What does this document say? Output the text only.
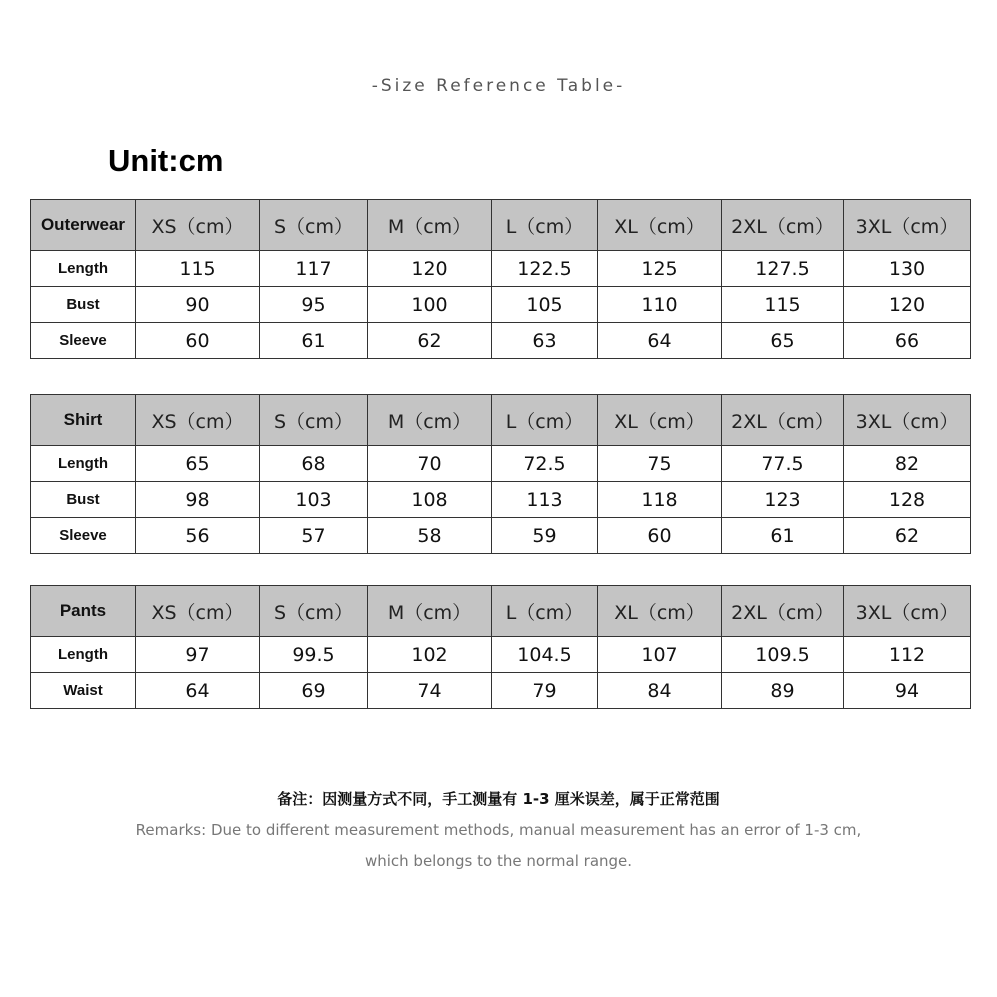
-Size Reference Table-
Unit:cm
Outerwear	XS（cm）	S（cm）	M（cm）	L（cm）	XL（cm）	2XL（cm）	3XL（cm）
Length	115	117	120	122.5	125	127.5	130
Bust	90	95	100	105	110	115	120
Sleeve	60	61	62	63	64	65	66
Shirt	XS（cm）	S（cm）	M（cm）	L（cm）	XL（cm）	2XL（cm）	3XL（cm）
Length	65	68	70	72.5	75	77.5	82
Bust	98	103	108	113	118	123	128
Sleeve	56	57	58	59	60	61	62
Pants	XS（cm）	S（cm）	M（cm）	L（cm）	XL（cm）	2XL（cm）	3XL（cm）
Length	97	99.5	102	104.5	107	109.5	112
Waist	64	69	74	79	84	89	94
备注：因测量方式不同，手工测量有 1-3 厘米误差，属于正常范围
Remarks: Due to different measurement methods, manual measurement has an error of 1-3 cm,
which belongs to the normal range.
